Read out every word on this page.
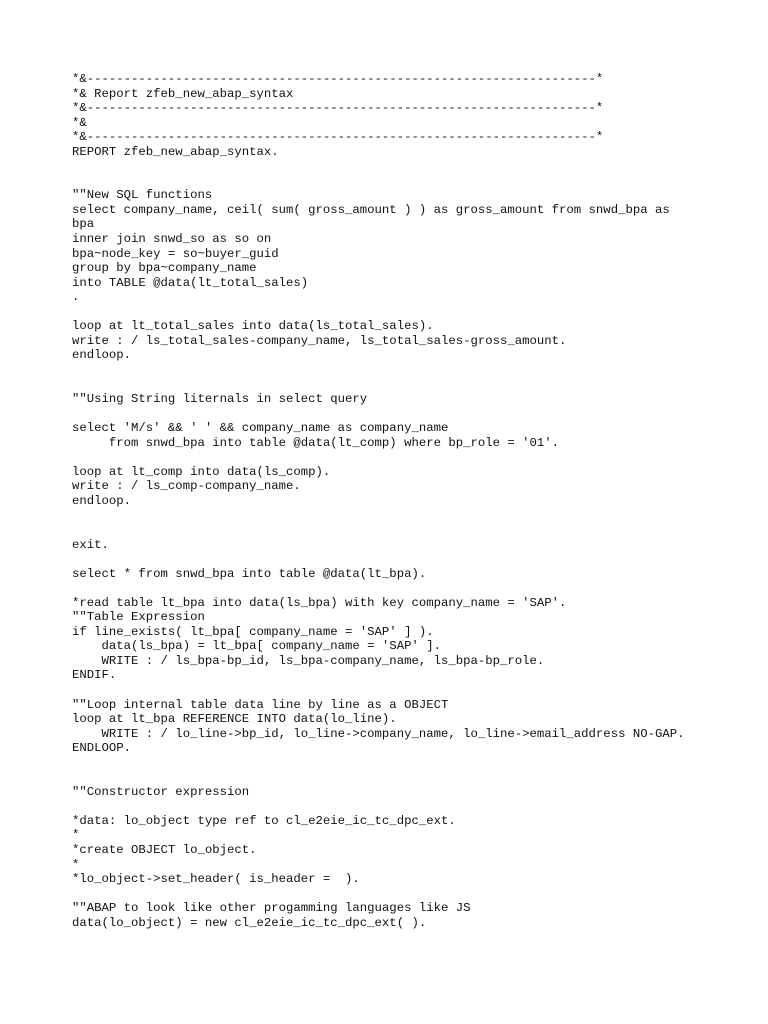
*&---------------------------------------------------------------------*
*& Report zfeb_new_abap_syntax
*&---------------------------------------------------------------------*
*&
*&---------------------------------------------------------------------*
REPORT zfeb_new_abap_syntax.
""New SQL functions
select company_name, ceil( sum( gross_amount ) ) as gross_amount from snwd_bpa as
bpa
inner join snwd_so as so on
bpa~node_key = so~buyer_guid
group by bpa~company_name
into TABLE @data(lt_total_sales)
.
loop at lt_total_sales into data(ls_total_sales).
write : / ls_total_sales-company_name, ls_total_sales-gross_amount.
endloop.
""Using String liternals in select query
select 'M/s' && ' ' && company_name as company_name
from snwd_bpa into table @data(lt_comp) where bp_role = '01'.
loop at lt_comp into data(ls_comp).
write : / ls_comp-company_name.
endloop.
exit.
select * from snwd_bpa into table @data(lt_bpa).
*read table lt_bpa into data(ls_bpa) with key company_name = 'SAP'.
""Table Expression
if line_exists( lt_bpa[ company_name = 'SAP' ] ).
data(ls_bpa) = lt_bpa[ company_name = 'SAP' ].
WRITE : / ls_bpa-bp_id, ls_bpa-company_name, ls_bpa-bp_role.
ENDIF.
""Loop internal table data line by line as a OBJECT
loop at lt_bpa REFERENCE INTO data(lo_line).
WRITE : / lo_line->bp_id, lo_line->company_name, lo_line->email_address NO-GAP.
ENDLOOP.
""Constructor expression
*data: lo_object type ref to cl_e2eie_ic_tc_dpc_ext.
*
*create OBJECT lo_object.
*
*lo_object->set_header( is_header =  ).
""ABAP to look like other progamming languages like JS
data(lo_object) = new cl_e2eie_ic_tc_dpc_ext( ).
